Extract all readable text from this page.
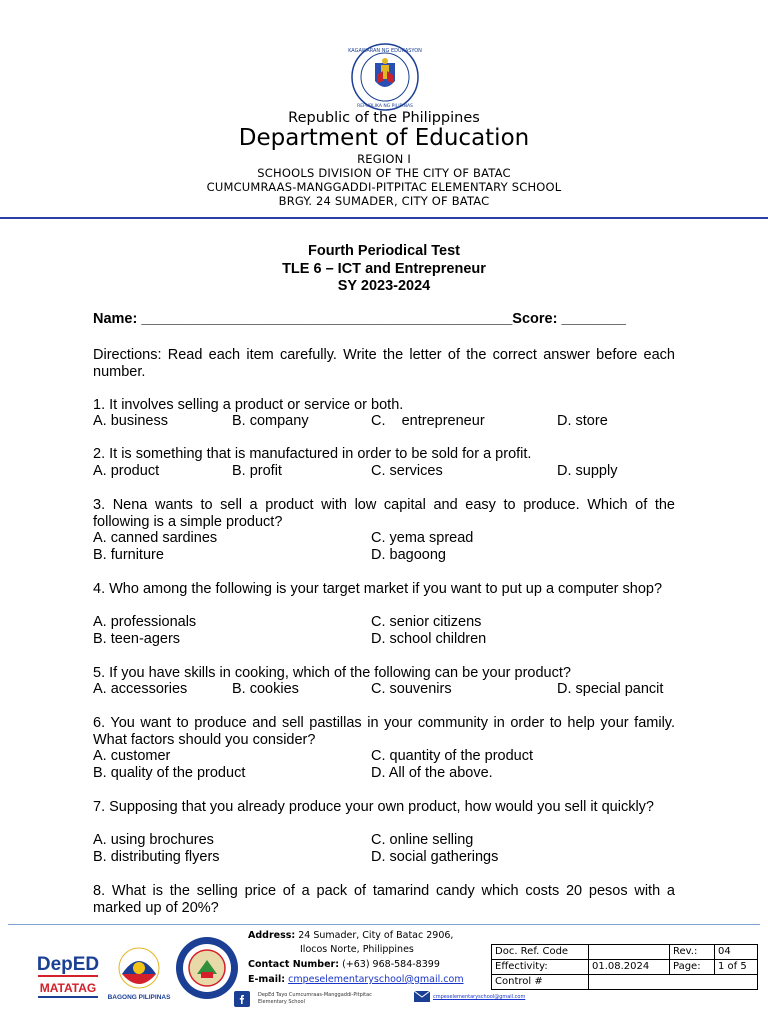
KAGAWARAN NG EDUKASYON
REPUBLIKA NG PILIPINAS
Republic of the Philippines
Department of Education
REGION I
SCHOOLS DIVISION OF THE CITY OF BATAC
CUMCUMRAAS-MANGGADDI-PITPITAC ELEMENTARY SCHOOL
BRGY. 24 SUMADER, CITY OF BATAC
Fourth Periodical Test
TLE 6 – ICT and Entrepreneur
SY 2023-2024
Name: ______________________________________________Score: ________
Directions: Read each item carefully. Write the letter of the correct answer before each number.
1. It involves selling a product or service or both.
A. business	B. company	C.    entrepreneur	D. store
2. It is something that is manufactured in order to be sold for a profit.
A. product	B. profit	C. services	D. supply
3. Nena wants to sell a product with low capital and easy to produce. Which of the following is a simple product?
A. canned sardines	C. yema spread
B. furniture	D. bagoong
4. Who among the following is your target market if you want to put up a computer shop?
A. professionals	C. senior citizens
B. teen-agers	D. school children
5. If you have skills in cooking, which of the following can be your product?
A. accessories	B. cookies	C. souvenirs	D. special pancit
6. You want to produce and sell pastillas in your community in order to help your family. What factors should you consider?
A. customer	C. quantity of the product
B. quality of the product	D. All of the above.
7. Supposing that you already produce your own product, how would you sell it quickly?
A. using brochures	C. online selling
B. distributing flyers	D. social gatherings
8. What is the selling price of a pack of tamarind candy which costs 20 pesos with a marked up of 20%?
DepED
MATATAG
BAGONG PILIPINAS
Address: 24 Sumader, City of Batac 2906,
Ilocos Norte, Philippines
Contact Number: (+63) 968-584-8399
E-mail: cmpeselementaryschool@gmail.com
DepEd Tayo Cumcumraas-Manggaddi-Pitpitac
Elementary School
cmpeselementaryschool@gmail.com
Doc. Ref. Code		Rev.:	04
Effectivity:	01.08.2024	Page:	1 of 5
Control #			
